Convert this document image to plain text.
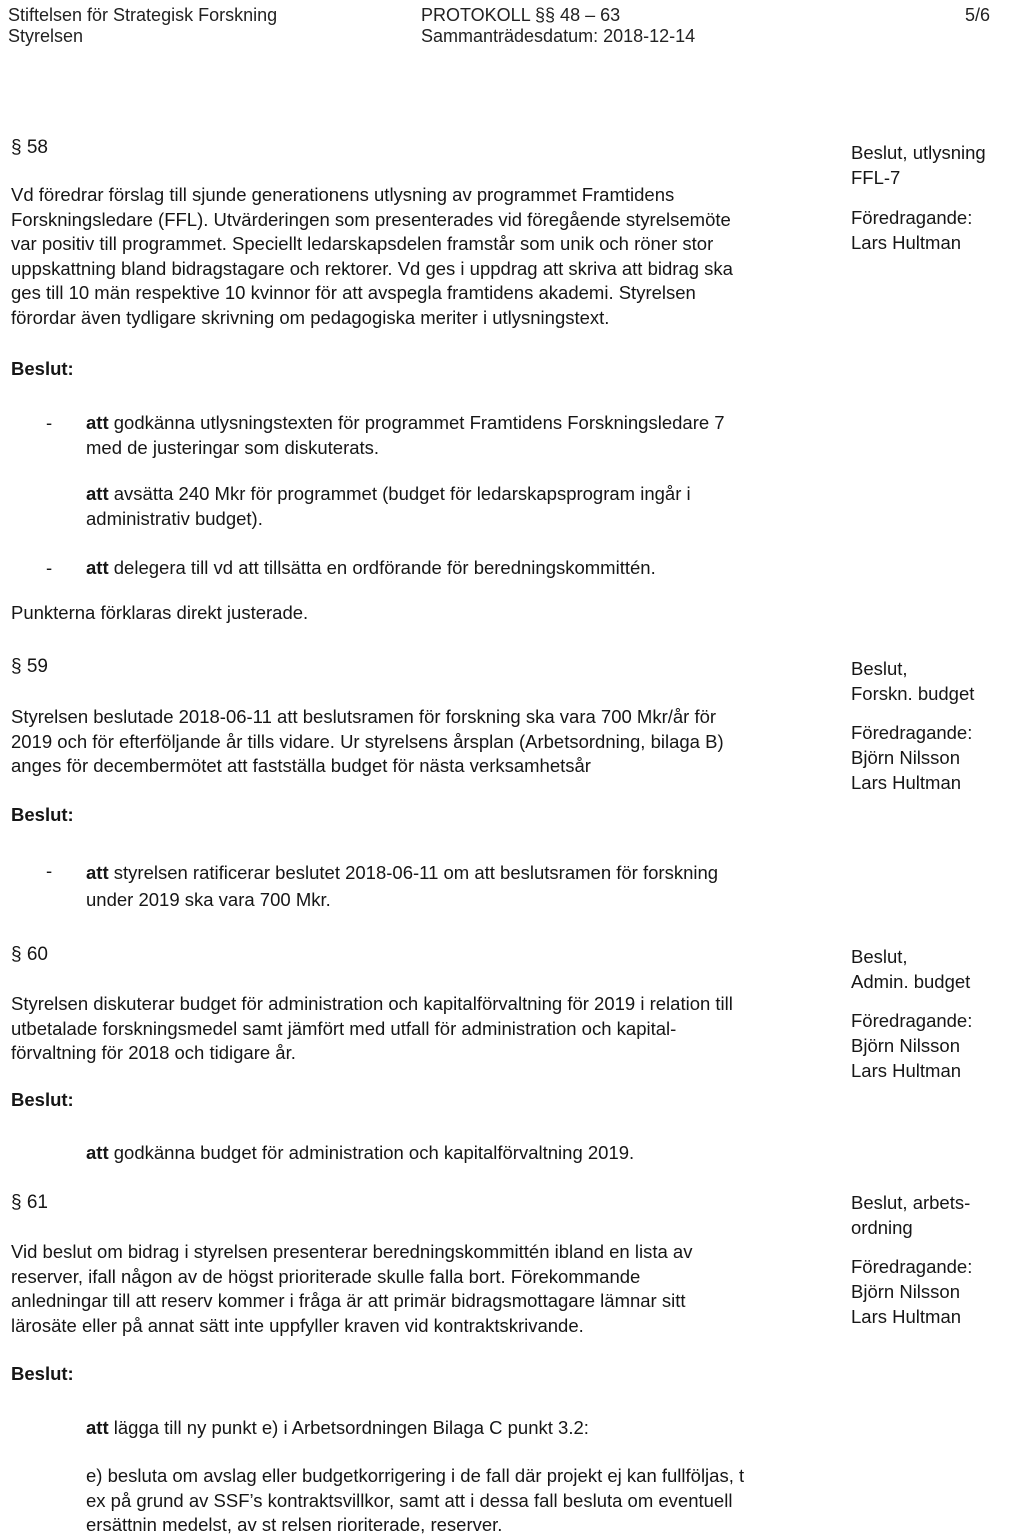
Stiftelsen för Strategisk Forskning
Styrelsen
PROTOKOLL §§ 48 – 63
Sammanträdesdatum: 2018-12-14
5/6
§ 58	Beslut, utlysning
FFL-7
Föredragande:
Lars Hultman
Vd föredrar förslag till sjunde generationens utlysning av programmet Framtidens
Forskningsledare (FFL). Utvärderingen som presenterades vid föregående styrelsemöte
var positiv till programmet. Speciellt ledarskapsdelen framstår som unik och röner stor
uppskattning bland bidragstagare och rektorer. Vd ges i uppdrag att skriva att bidrag ska
ges till 10 män respektive 10 kvinnor för att avspegla framtidens akademi. Styrelsen
förordar även tydligare skrivning om pedagogiska meriter i utlysningstext.
Beslut:
- att godkänna utlysningstexten för programmet Framtidens Forskningsledare 7
med de justeringar som diskuterats.
att avsätta 240 Mkr för programmet (budget för ledarskapsprogram ingår i
administrativ budget).
- att delegera till vd att tillsätta en ordförande för beredningskommittén.
Punkterna förklaras direkt justerade.
§ 59	Beslut,
Forskn. budget
Föredragande:
Björn Nilsson
Lars Hultman
Styrelsen beslutade 2018-06-11 att beslutsramen för forskning ska vara 700 Mkr/år för
2019 och för efterföljande år tills vidare. Ur styrelsens årsplan (Arbetsordning, bilaga B)
anges för decembermötet att fastställa budget för nästa verksamhetsår
Beslut:
- att styrelsen ratificerar beslutet 2018-06-11 om att beslutsramen för forskning
under 2019 ska vara 700 Mkr.
§ 60	Beslut,
Admin. budget
Föredragande:
Björn Nilsson
Lars Hultman
Styrelsen diskuterar budget för administration och kapitalförvaltning för 2019 i relation till
utbetalade forskningsmedel samt jämfört med utfall för administration och kapital-
förvaltning för 2018 och tidigare år.
Beslut:
att godkänna budget för administration och kapitalförvaltning 2019.
§ 61	Beslut, arbets-
ordning
Föredragande:
Björn Nilsson
Lars Hultman
Vid beslut om bidrag i styrelsen presenterar beredningskommittén ibland en lista av
reserver, ifall någon av de högst prioriterade skulle falla bort. Förekommande
anledningar till att reserv kommer i fråga är att primär bidragsmottagare lämnar sitt
lärosäte eller på annat sätt inte uppfyller kraven vid kontraktskrivande.
Beslut:
att lägga till ny punkt e) i Arbetsordningen Bilaga C punkt 3.2:
e) besluta om avslag eller budgetkorrigering i de fall där projekt ej kan fullföljas, t
ex på grund av SSF’s kontraktsvillkor, samt att i dessa fall besluta om eventuell
ersättnin medelst, av st relsen rioriterade, reserver.
